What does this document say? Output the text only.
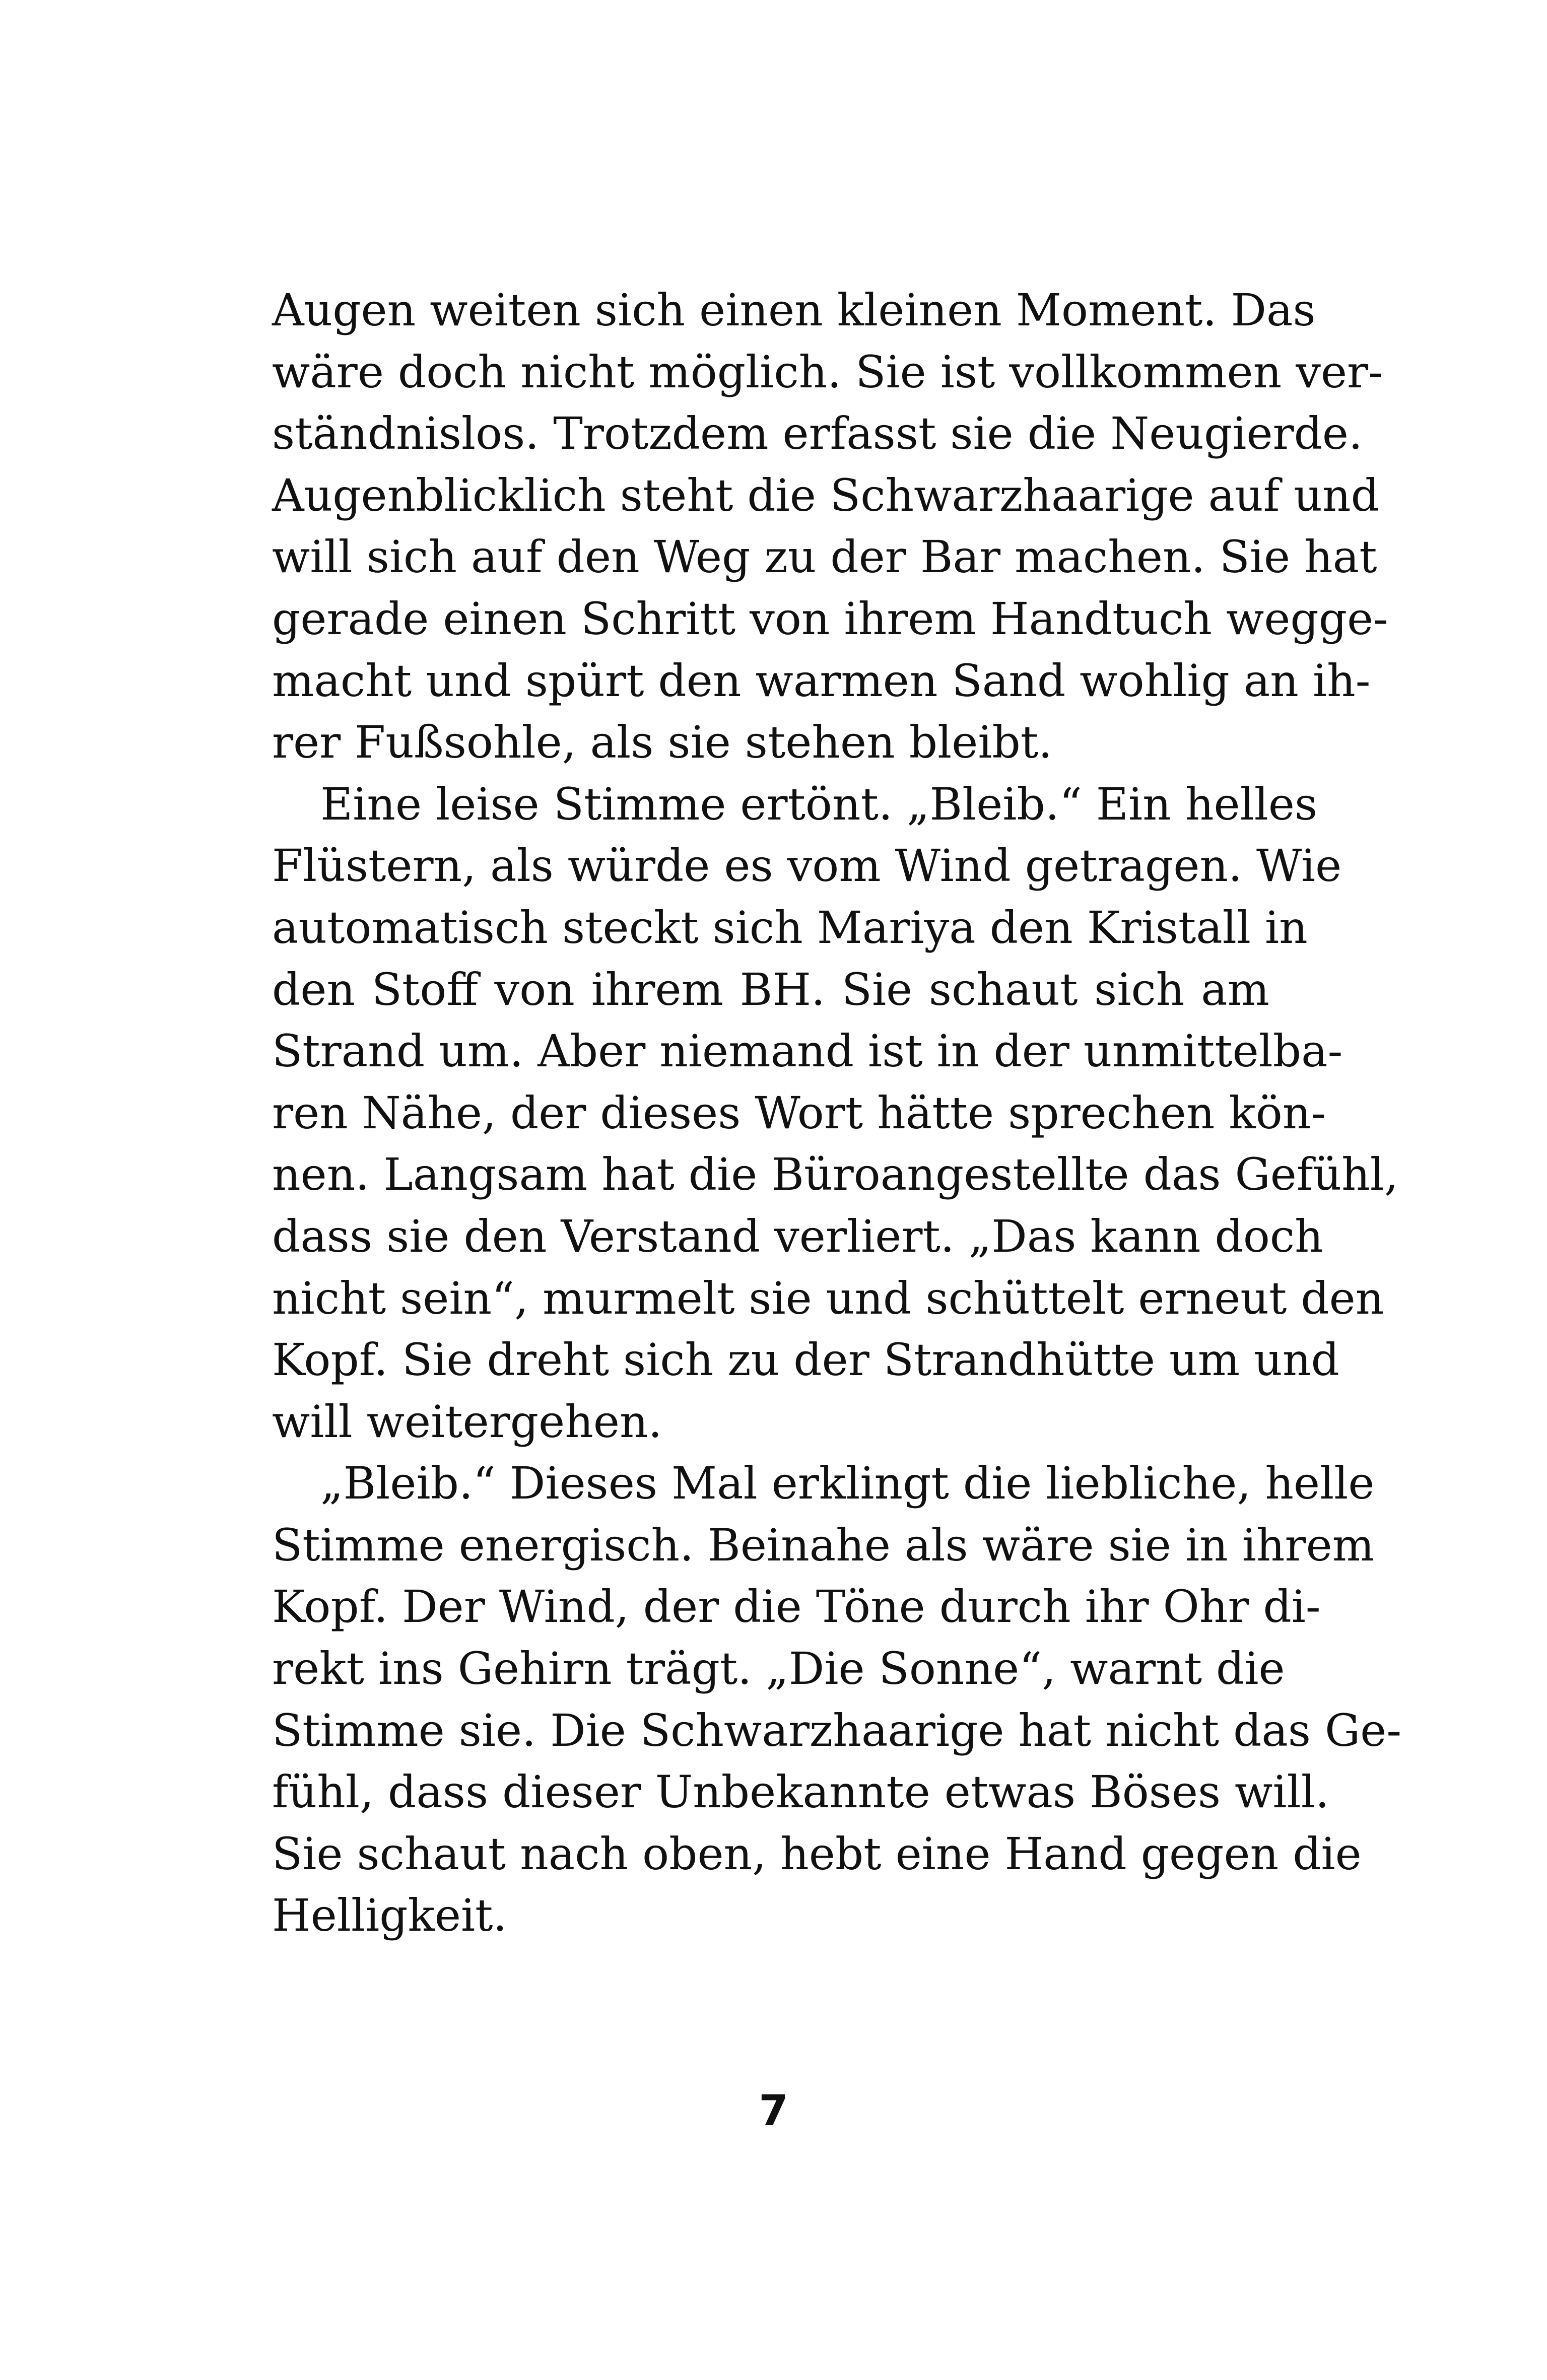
Augen weiten sich einen kleinen Moment. Das
wäre doch nicht möglich. Sie ist vollkommen ver-
ständnislos. Trotzdem erfasst sie die Neugierde.
Augenblicklich steht die Schwarzhaarige auf und
will sich auf den Weg zu der Bar machen. Sie hat
gerade einen Schritt von ihrem Handtuch wegge-
macht und spürt den warmen Sand wohlig an ih-
rer Fußsohle, als sie stehen bleibt.
Eine leise Stimme ertönt. „Bleib.“ Ein helles
Flüstern, als würde es vom Wind getragen. Wie
automatisch steckt sich Mariya den Kristall in
den Stoff von ihrem BH. Sie schaut sich am
Strand um. Aber niemand ist in der unmittelba-
ren Nähe, der dieses Wort hätte sprechen kön-
nen. Langsam hat die Büroangestellte das Gefühl,
dass sie den Verstand verliert. „Das kann doch
nicht sein“, murmelt sie und schüttelt erneut den
Kopf. Sie dreht sich zu der Strandhütte um und
will weitergehen.
„Bleib.“ Dieses Mal erklingt die liebliche, helle
Stimme energisch. Beinahe als wäre sie in ihrem
Kopf. Der Wind, der die Töne durch ihr Ohr di-
rekt ins Gehirn trägt. „Die Sonne“, warnt die
Stimme sie. Die Schwarzhaarige hat nicht das Ge-
fühl, dass dieser Unbekannte etwas Böses will.
Sie schaut nach oben, hebt eine Hand gegen die
Helligkeit.
7
